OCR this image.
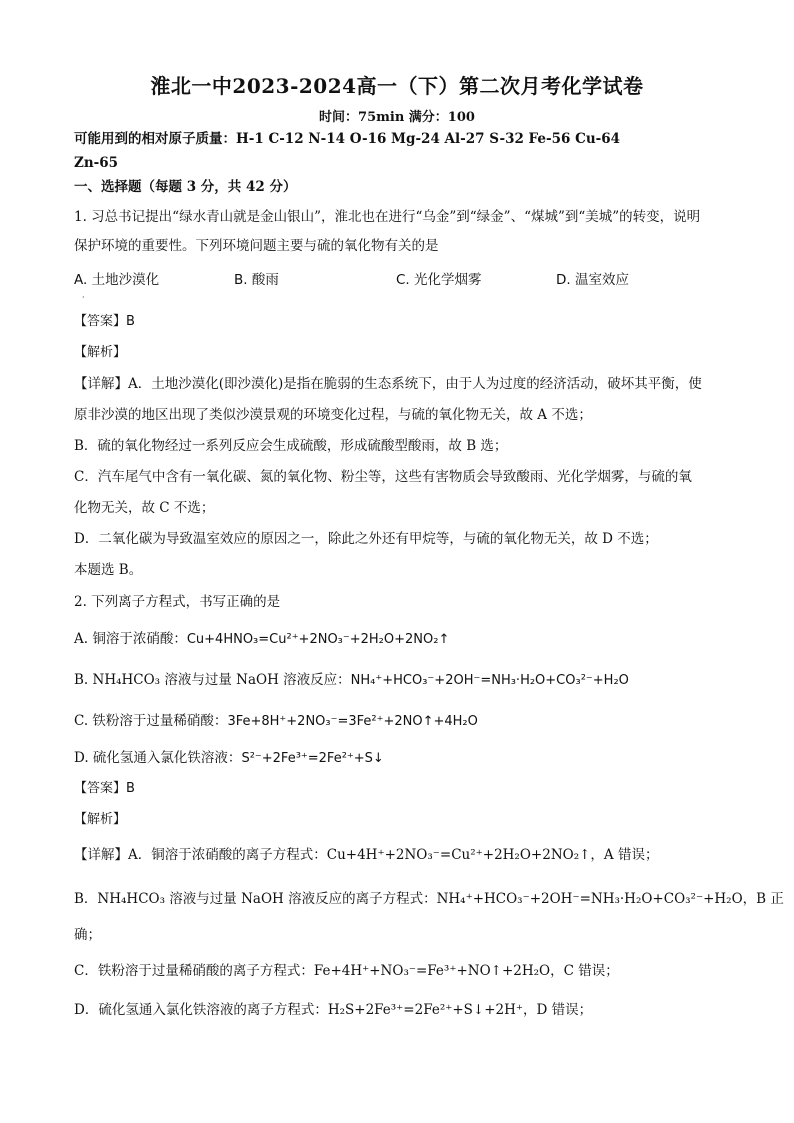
淮北一中2023-2024高一（下）第二次月考化学试卷
时间：75min 满分：100
可能用到的相对原子质量：H-1 C-12 N-14 O-16 Mg-24 Al-27 S-32 Fe-56 Cu-64
Zn-65
一、选择题（每题 3 分，共 42 分）
1. 习总书记提出“绿水青山就是金山银山”，淮北也在进行“乌金”到“绿金”、“煤城”到“美城”的转变，说明
保护环境的重要性。下列环境问题主要与硫的氧化物有关的是
A. 土地沙漠化	B. 酸雨	C. 光化学烟雾	D. 温室效应
·
【答案】B
【解析】
【详解】A．土地沙漠化(即沙漠化)是指在脆弱的生态系统下，由于人为过度的经济活动，破坏其平衡，使
原非沙漠的地区出现了类似沙漠景观的环境变化过程，与硫的氧化物无关，故 A 不选；
B．硫的氧化物经过一系列反应会生成硫酸，形成硫酸型酸雨，故 B 选；
C．汽车尾气中含有一氧化碳、氮的氧化物、粉尘等，这些有害物质会导致酸雨、光化学烟雾，与硫的氧
化物无关，故 C 不选；
D．二氧化碳为导致温室效应的原因之一，除此之外还有甲烷等，与硫的氧化物无关，故 D 不选；
本题选 B。
2. 下列离子方程式，书写正确的是
A. 铜溶于浓硝酸：Cu+4HNO₃=Cu²⁺+2NO₃⁻+2H₂O+2NO₂↑
B. NH₄HCO₃ 溶液与过量 NaOH 溶液反应：NH₄⁺+HCO₃⁻+2OH⁻=NH₃·H₂O+CO₃²⁻+H₂O
C. 铁粉溶于过量稀硝酸：3Fe+8H⁺+2NO₃⁻=3Fe²⁺+2NO↑+4H₂O
D. 硫化氢通入氯化铁溶液：S²⁻+2Fe³⁺=2Fe²⁺+S↓
【答案】B
【解析】
【详解】A．铜溶于浓硝酸的离子方程式：Cu+4H⁺+2NO₃⁻=Cu²⁺+2H₂O+2NO₂↑，A 错误；
B．NH₄HCO₃ 溶液与过量 NaOH 溶液反应的离子方程式：NH₄⁺+HCO₃⁻+2OH⁻=NH₃·H₂O+CO₃²⁻+H₂O，B 正
确；
C．铁粉溶于过量稀硝酸的离子方程式：Fe+4H⁺+NO₃⁻=Fe³⁺+NO↑+2H₂O，C 错误；
D．硫化氢通入氯化铁溶液的离子方程式：H₂S+2Fe³⁺=2Fe²⁺+S↓+2H⁺，D 错误；
